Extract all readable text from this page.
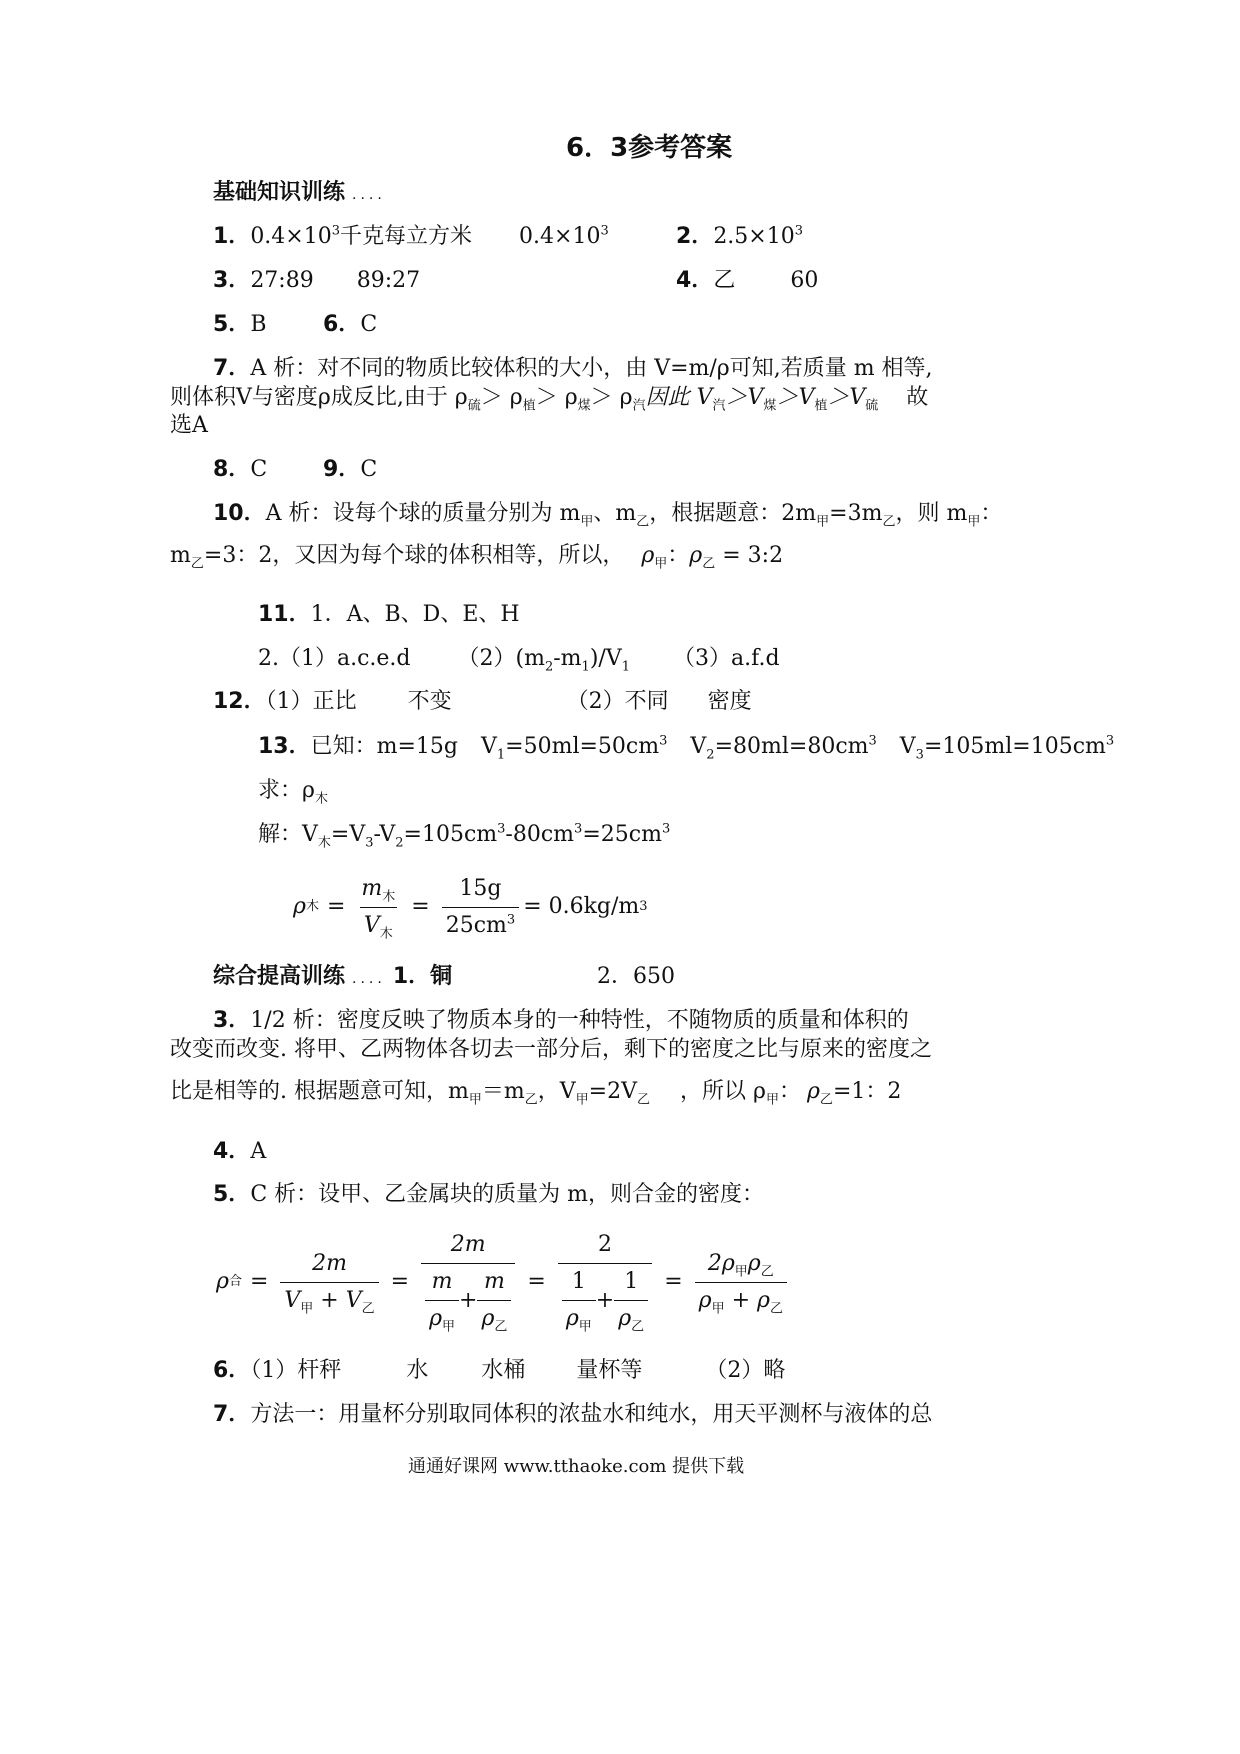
6．3参考答案
基础知识训练 ....
1．$0.4\times 10^3$千克每立方米 $0.4\times 10^3$	2．$2.5\times 10^3$
3．27:89 89:27	4．乙	60
5．B	6．C
7．A 析：对不同的物质比较体积的大小，由 V=m/ρ可知,若质量 m 相等,
则体积V与密度ρ成反比,由于 $\rho_硫> \rho_植> \rho_煤> \rho_汽$因此 $V_汽>V_煤>V_植>V_硫$ 故
选A
8．C	9．C
10．A 析：设每个球的质量分别为 $m_甲$、$m_乙$，根据题意：$2m_甲=3m_乙$，则 $m_甲$：
$m_乙=3$：2，又因为每个球的体积相等，所以， $\rho_甲$：$\rho_乙$ = 3:2
11．1．A、B、D、E、H
2.（1）a.c.e.d $(2)(m_2-m_1)/V_1$ （3）a.f.d
12．（1）正比 不变	（2）不同 密度
13．已知：m=15g $V_1=50ml=50cm^3$ $V_2=80ml=80cm^3$ $V_3=105ml=105cm^3$
求：$\rho_木$
解：$V_木=V_3-V_2=105cm^3-80cm^3=25cm^3$
ρ 木 = $\frac{m_木}{V_木} = \frac{15g}{25cm^3} = 0.6kg/m$ 3
综合提高训练 .... 1．铜	2．650
3．1/2 析：密度反映了物质本身的一种特性，不随物质的质量和体积的
改变而改变. 将甲、乙两物体各切去一部分后，剩下的密度之比与原来的密度之
比是相等的. 根据题意可知，$m_甲=m_乙$，$V_甲=2V_乙$ ，所以 $\rho_甲$： $\rho_乙=1$：2
4．A
5．C 析：设甲、乙金属块的质量为 m，则合金的密度：
ρ 合 = $\frac{2m}{V_甲 + V_乙} = \frac{2m}{\frac{m}{\rho_甲} + \frac{m}{\rho_乙}} = \frac{2}{\frac{1}{\rho_甲} + \frac{1}{\rho_乙}} = \frac{2\rho_甲\rho_乙}{\rho_甲 + \rho_乙}$
6．（1）杆秤	水 水桶 量杯等	（2）略
7．方法一：用量杯分别取同体积的浓盐水和纯水，用天平测杯与液体的总
通通好课网 www.tthaoke.com 提供下载
